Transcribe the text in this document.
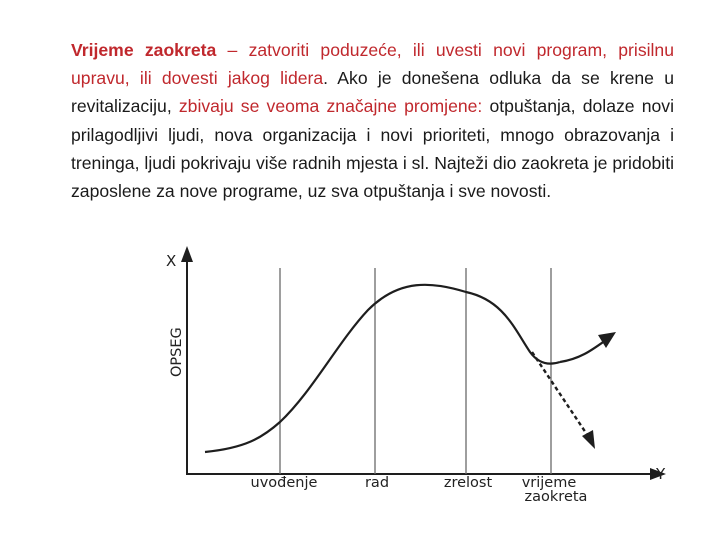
Vrijeme zaokreta – zatvoriti poduzeće, ili uvesti novi program, prisilnu upravu, ili dovesti jakog lidera. Ako je donešena odluka da se krene u revitalizaciju, zbivaju se veoma značajne promjene: otpuštanja, dolaze novi prilagodljivi ljudi, nova organizacija i novi prioriteti, mnogo obrazovanja i treninga, ljudi pokrivaju više radnih mjesta i sl. Najteži dio zaokreta je pridobiti zaposlene za nove programe, uz sva otpuštanja i sve novosti.
X
Y
OPSEG
uvođenje	rad	zrelost vrijeme
zaokreta
